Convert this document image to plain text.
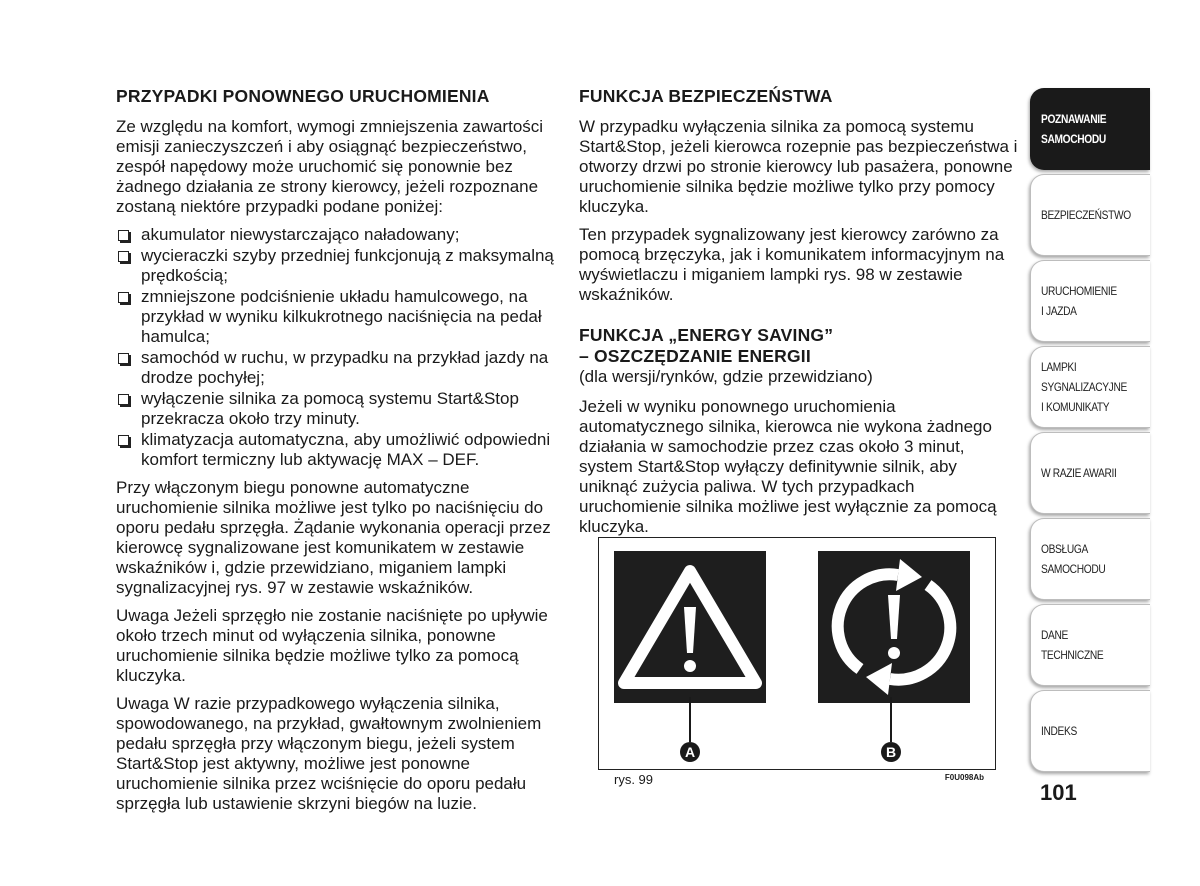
PRZYPADKI PONOWNEGO URUCHOMIENIA

Ze względu na komfort, wymogi zmniejszenia zawartości emisji zanieczyszczeń i aby osiągnąć bezpieczeństwo, zespół napędowy może uruchomić się ponownie bez żadnego działania ze strony kierowcy, jeżeli rozpoznane zostaną niektóre przypadki podane poniżej:

akumulator niewystarczająco naładowany;
wycieraczki szyby przedniej funkcjonują z maksymalną prędkością;
zmniejszone podciśnienie układu hamulcowego, na przykład w wyniku kilkukrotnego naciśnięcia na pedał hamulca;
samochód w ruchu, w przypadku na przykład jazdy na drodze pochyłej;
wyłączenie silnika za pomocą systemu Start&Stop przekracza około trzy minuty.
klimatyzacja automatyczna, aby umożliwić odpowiedni komfort termiczny lub aktywację MAX – DEF.

Przy włączonym biegu ponowne automatyczne uruchomienie silnika możliwe jest tylko po naciśnięciu do oporu pedału sprzęgła. Żądanie wykonania operacji przez kierowcę sygnalizowane jest komunikatem w zestawie wskaźników i, gdzie przewidziano, miganiem lampki sygnalizacyjnej rys. 97 w zestawie wskaźników.

Uwaga Jeżeli sprzęgło nie zostanie naciśnięte po upływie około trzech minut od wyłączenia silnika, ponowne uruchomienie silnika będzie możliwe tylko za pomocą kluczyka.

Uwaga W razie przypadkowego wyłączenia silnika, spowodowanego, na przykład, gwałtownym zwolnieniem pedału sprzęgła przy włączonym biegu, jeżeli system Start&Stop jest aktywny, możliwe jest ponowne uruchomienie silnika przez wciśnięcie do oporu pedału sprzęgła lub ustawienie skrzyni biegów na luzie.

FUNKCJA BEZPIECZEŃSTWA

W przypadku wyłączenia silnika za pomocą systemu Start&Stop, jeżeli kierowca rozepnie pas bezpieczeństwa i otworzy drzwi po stronie kierowcy lub pasażera, ponowne uruchomienie silnika będzie możliwe tylko przy pomocy kluczyka.

Ten przypadek sygnalizowany jest kierowcy zarówno za pomocą brzęczyka, jak i komunikatem informacyjnym na wyświetlaczu i miganiem lampki rys. 98 w zestawie wskaźników.

FUNKCJA „ENERGY SAVING”
– OSZCZĘDZANIE ENERGII

(dla wersji/rynków, gdzie przewidziano)

Jeżeli w wyniku ponownego uruchomienia automatycznego silnika, kierowca nie wykona żadnego działania w samochodzie przez czas około 3 minut, system Start&Stop wyłączy definitywnie silnik, aby uniknąć zużycia paliwa. W tych przypadkach uruchomienie silnika możliwe jest wyłącznie za pomocą kluczyka.

A	B
rys. 99	F0U098Ab
POZNAWANIE
SAMOCHODU
BEZPIECZEŃSTWO
URUCHOMIENIE
I JAZDA
LAMPKI
SYGNALIZACYJNE
I KOMUNIKATY
W RAZIE AWARII
OBSŁUGA
SAMOCHODU
DANE
TECHNICZNE
INDEKS
101
